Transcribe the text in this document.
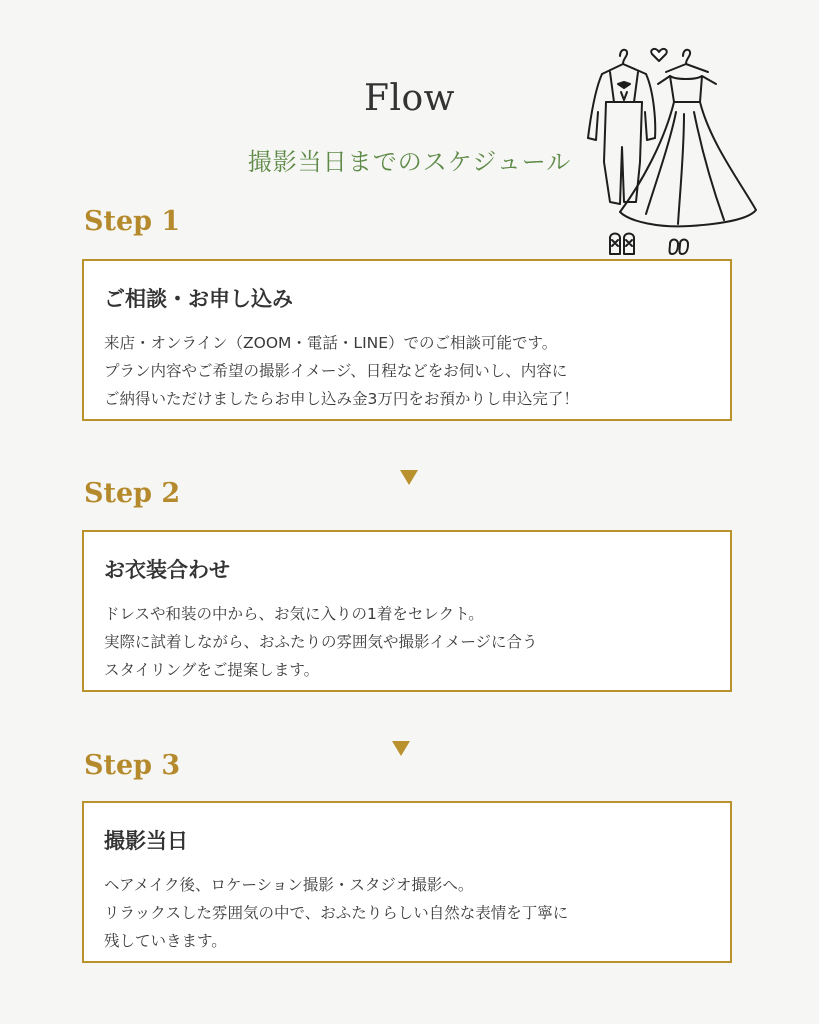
Flow
撮影当日までのスケジュール
Step 1
ご相談・お申し込み
来店・オンライン（ZOOM・電話・LINE）でのご相談可能です。
プラン内容やご希望の撮影イメージ、日程などをお伺いし、内容に
ご納得いただけましたらお申し込み金3万円をお預かりし申込完了！
Step 2
お衣装合わせ
ドレスや和装の中から、お気に入りの1着をセレクト。
実際に試着しながら、おふたりの雰囲気や撮影イメージに合う
スタイリングをご提案します。
Step 3
撮影当日
ヘアメイク後、ロケーション撮影・スタジオ撮影へ。
リラックスした雰囲気の中で、おふたりらしい自然な表情を丁寧に
残していきます。
